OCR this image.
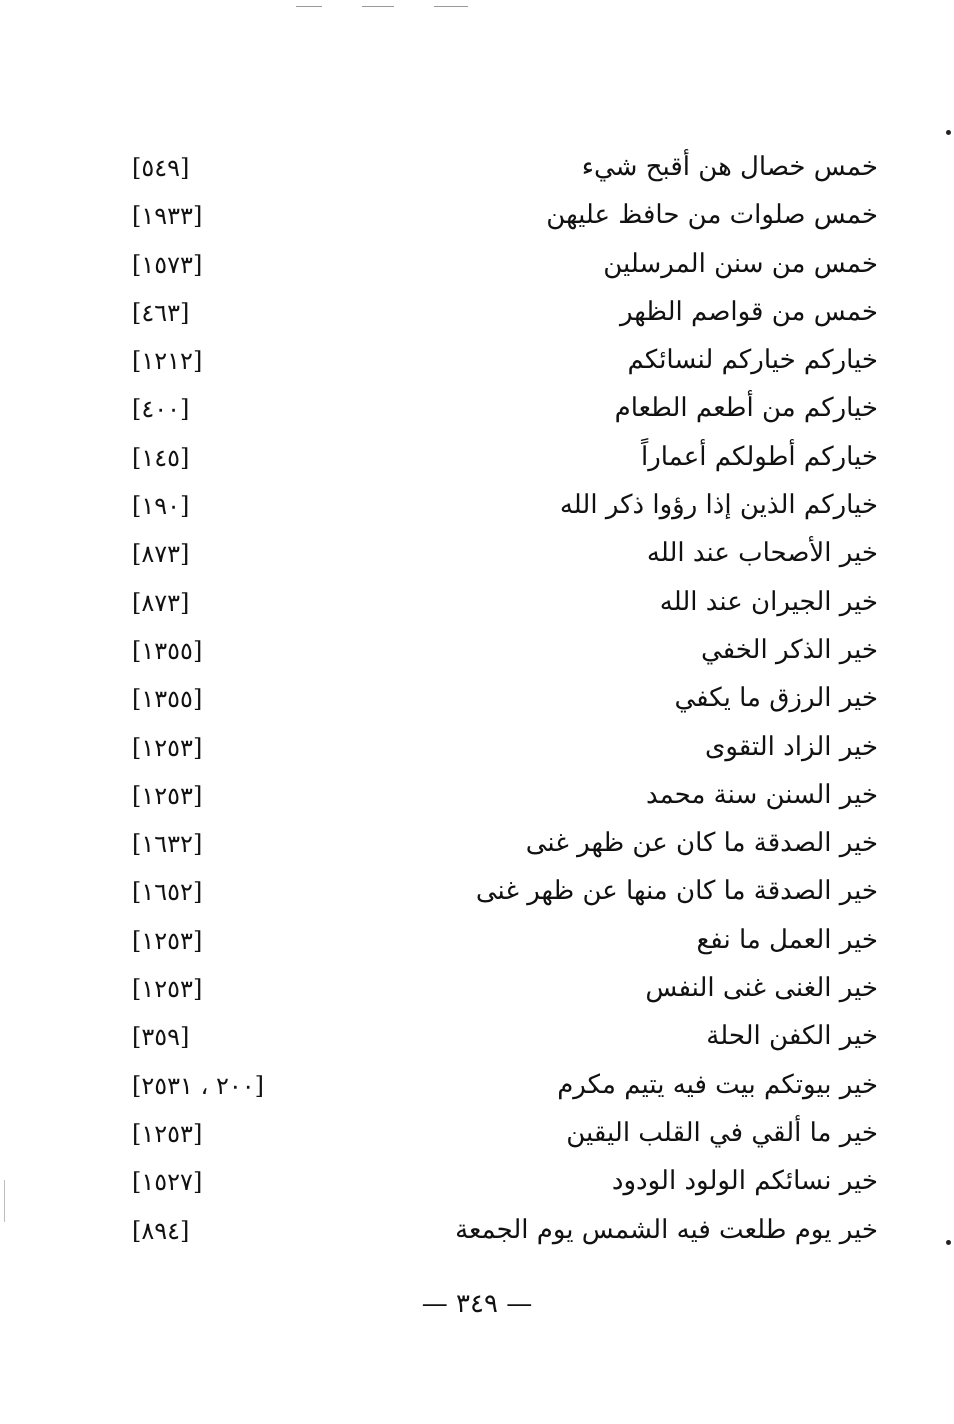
خمس خصال هن أقبح شيء
[٥٤٩]
خمس صلوات من حافظ عليهن
[١٩٣٣]
خمس من سنن المرسلين
[١٥٧٣]
خمس من قواصم الظهر
[٤٦٣]
خياركم خياركم لنسائكم
[١٢١٢]
خياركم من أطعم الطعام
[٤٠٠]
خياركم أطولكم أعماراً
[١٤٥]
خياركم الذين إذا رؤوا ذكر الله
[١٩٠]
خير الأصحاب عند الله
[٨٧٣]
خير الجيران عند الله
[٨٧٣]
خير الذكر الخفي
[١٣٥٥]
خير الرزق ما يكفي
[١٣٥٥]
خير الزاد التقوى
[١٢٥٣]
خير السنن سنة محمد
[١٢٥٣]
خير الصدقة ما كان عن ظهر غنى
[١٦٣٢]
خير الصدقة ما كان منها عن ظهر غنى
[١٦٥٢]
خير العمل ما نفع
[١٢٥٣]
خير الغنى غنى النفس
[١٢٥٣]
خير الكفن الحلة
[٣٥٩]
خير بيوتكم بيت فيه يتيم مكرم
[٢٠٠ ، ٢٥٣١]
خير ما ألقي في القلب اليقين
[١٢٥٣]
خير نسائكم الولود الودود
[١٥٢٧]
خير يوم طلعت فيه الشمس يوم الجمعة
[٨٩٤]
— ٣٤٩ —
